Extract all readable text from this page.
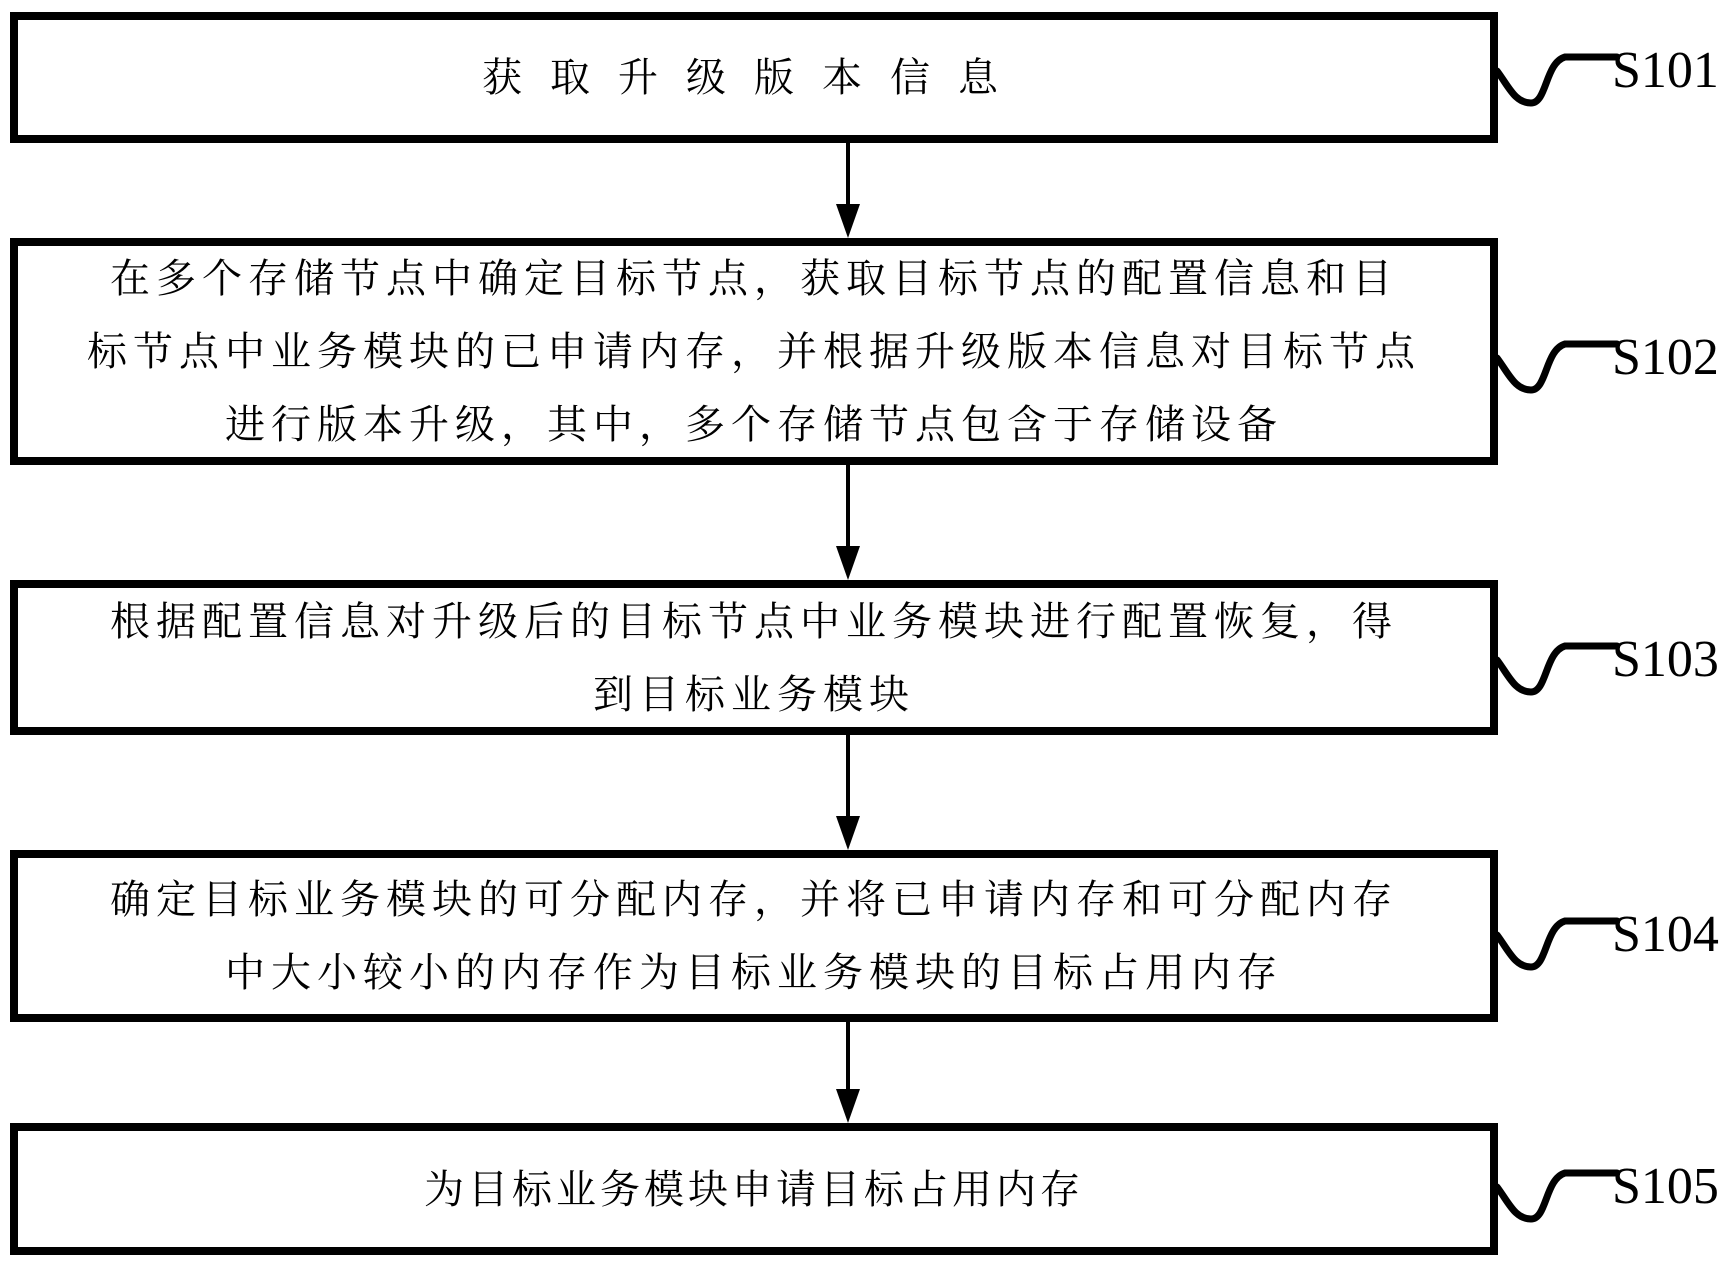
获取升级版本信息	S101
在多个存储节点中确定目标节点，获取目标节点的配置信息和目
标节点中业务模块的已申请内存，并根据升级版本信息对目标节点
进行版本升级，其中，多个存储节点包含于存储设备
S102
根据配置信息对升级后的目标节点中业务模块进行配置恢复，得
到目标业务模块
S103
确定目标业务模块的可分配内存，并将已申请内存和可分配内存
中大小较小的内存作为目标业务模块的目标占用内存
S104
为目标业务模块申请目标占用内存	S105
